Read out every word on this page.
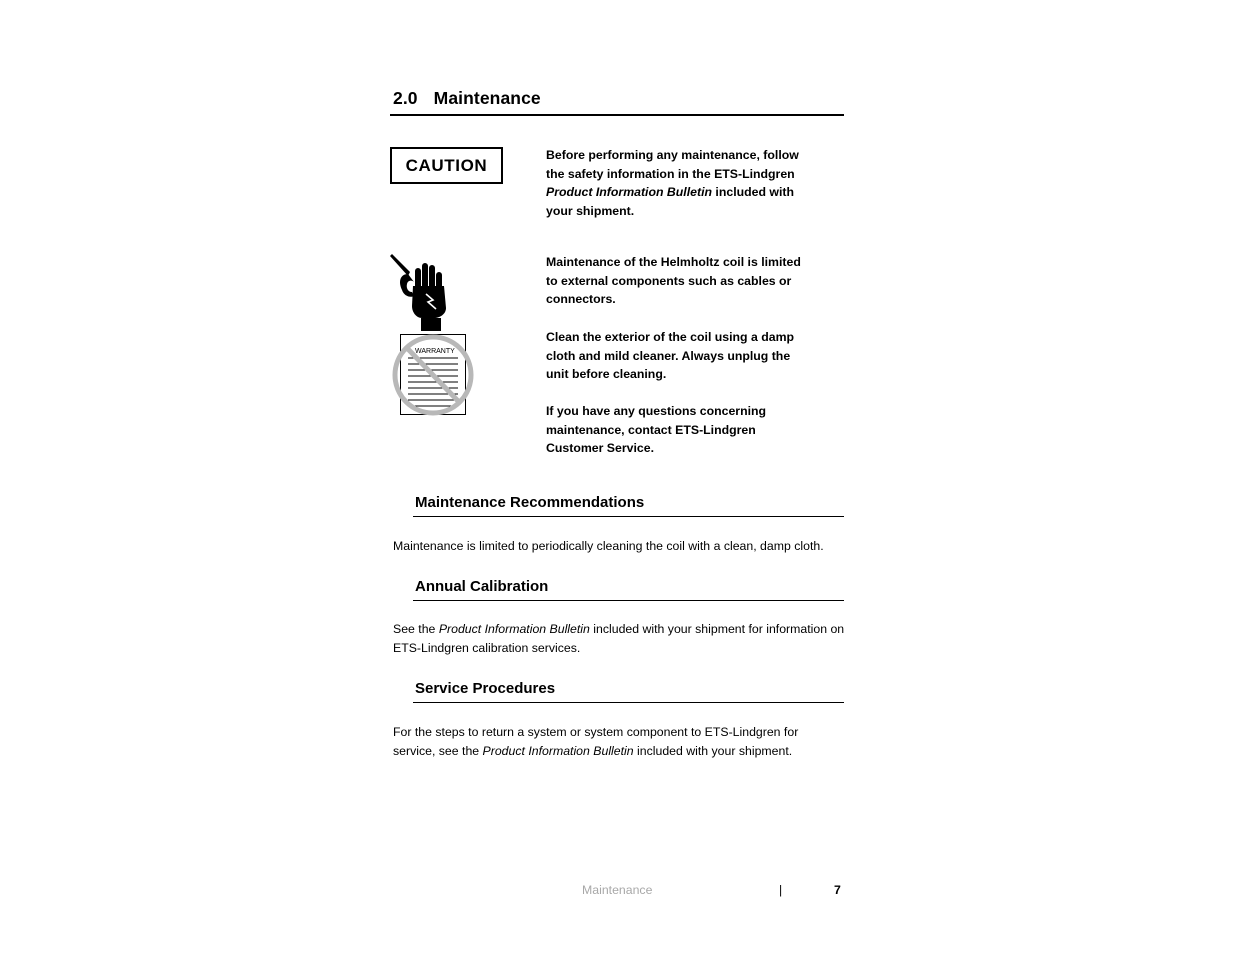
2.0 Maintenance
CAUTION
Before performing any maintenance, follow the safety information in the ETS-Lindgren Product Information Bulletin included with your shipment.
WARRANTY
Maintenance of the Helmholtz coil is limited to external components such as cables or connectors.
Clean the exterior of the coil using a damp cloth and mild cleaner. Always unplug the unit before cleaning.
If you have any questions concerning maintenance, contact ETS-Lindgren Customer Service.
Maintenance Recommendations
Maintenance is limited to periodically cleaning the coil with a clean, damp cloth.
Annual Calibration
See the Product Information Bulletin included with your shipment for information on ETS-Lindgren calibration services.
Service Procedures
For the steps to return a system or system component to ETS-Lindgren for service, see the Product Information Bulletin included with your shipment.
Maintenance	|	7
